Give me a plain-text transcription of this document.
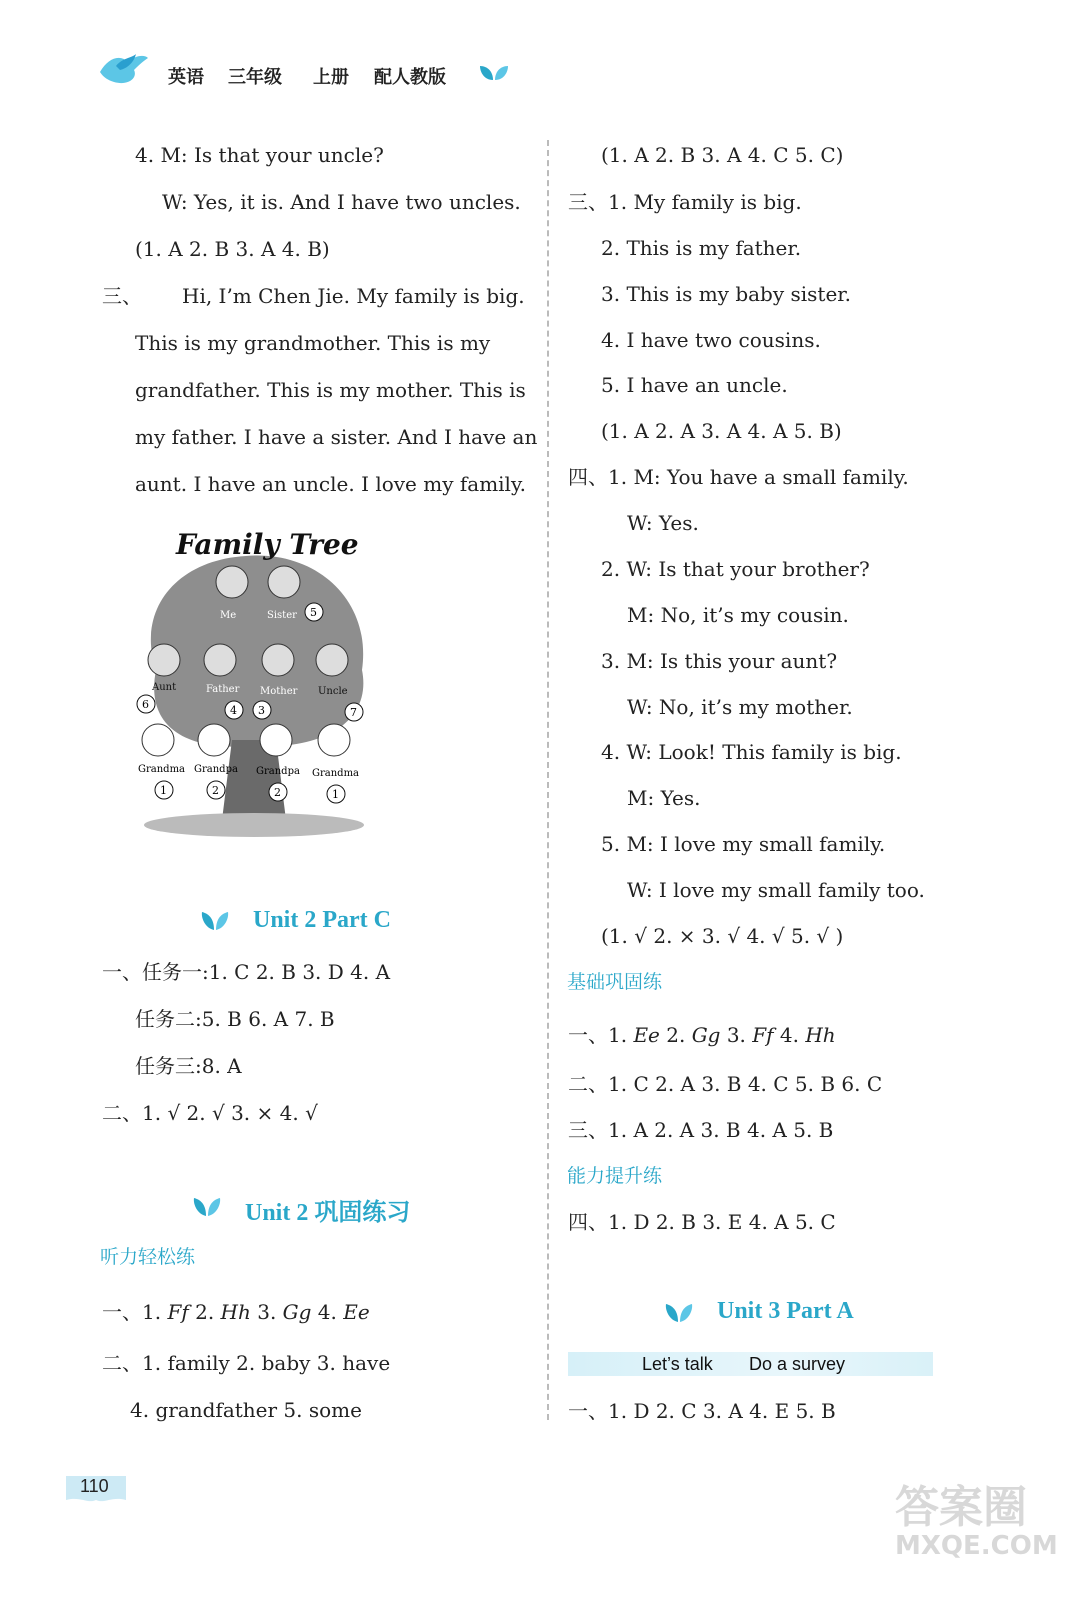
英语 三年级 上册 配人教版
4. M: Is that your uncle?
W: Yes, it is. And I have two uncles.
(1. A 2. B 3. A 4. B)
三、 Hi, I’m Chen Jie. My family is big.
This is my grandmother. This is my
grandfather. This is my mother. This is
my father. I have a sister. And I have an
aunt. I have an uncle. I love my family.
Family Tree
Me	Sister 5
Aunt	Father Mother Uncle
6	4 3	7
Grandma Grandpa Grandpa Grandma
1	2	2	1
Unit 2 Part C
一、任务一:1. C 2. B 3. D 4. A
任务二:5. B 6. A 7. B
任务三:8. A
二、1. √ 2. √ 3. × 4. √
Unit 2 巩固练习
听力轻松练
一、1. Ff 2. Hh 3. Gg 4. Ee
二、1. family 2. baby 3. have
4. grandfather 5. some
(1. A 2. B 3. A 4. C 5. C)
三、1. My family is big.
2. This is my father.
3. This is my baby sister.
4. I have two cousins.
5. I have an uncle.
(1. A 2. A 3. A 4. A 5. B)
四、1. M: You have a small family.
W: Yes.
2. W: Is that your brother?
M: No, it’s my cousin.
3. M: Is this your aunt?
W: No, it’s my mother.
4. W: Look! This family is big.
M: Yes.
5. M: I love my small family.
W: I love my small family too.
(1. √ 2. × 3. √ 4. √ 5. √ )
基础巩固练
一、1. Ee 2. Gg 3. Ff 4. Hh
二、1. C 2. A 3. B 4. C 5. B 6. C
三、1. A 2. A 3. B 4. A 5. B
能力提升练
四、1. D 2. B 3. E 4. A 5. C
Unit 3 Part A
Let’s talk Do a survey
一、1. D 2. C 3. A 4. E 5. B
110	答案圈
MXQE.COM
